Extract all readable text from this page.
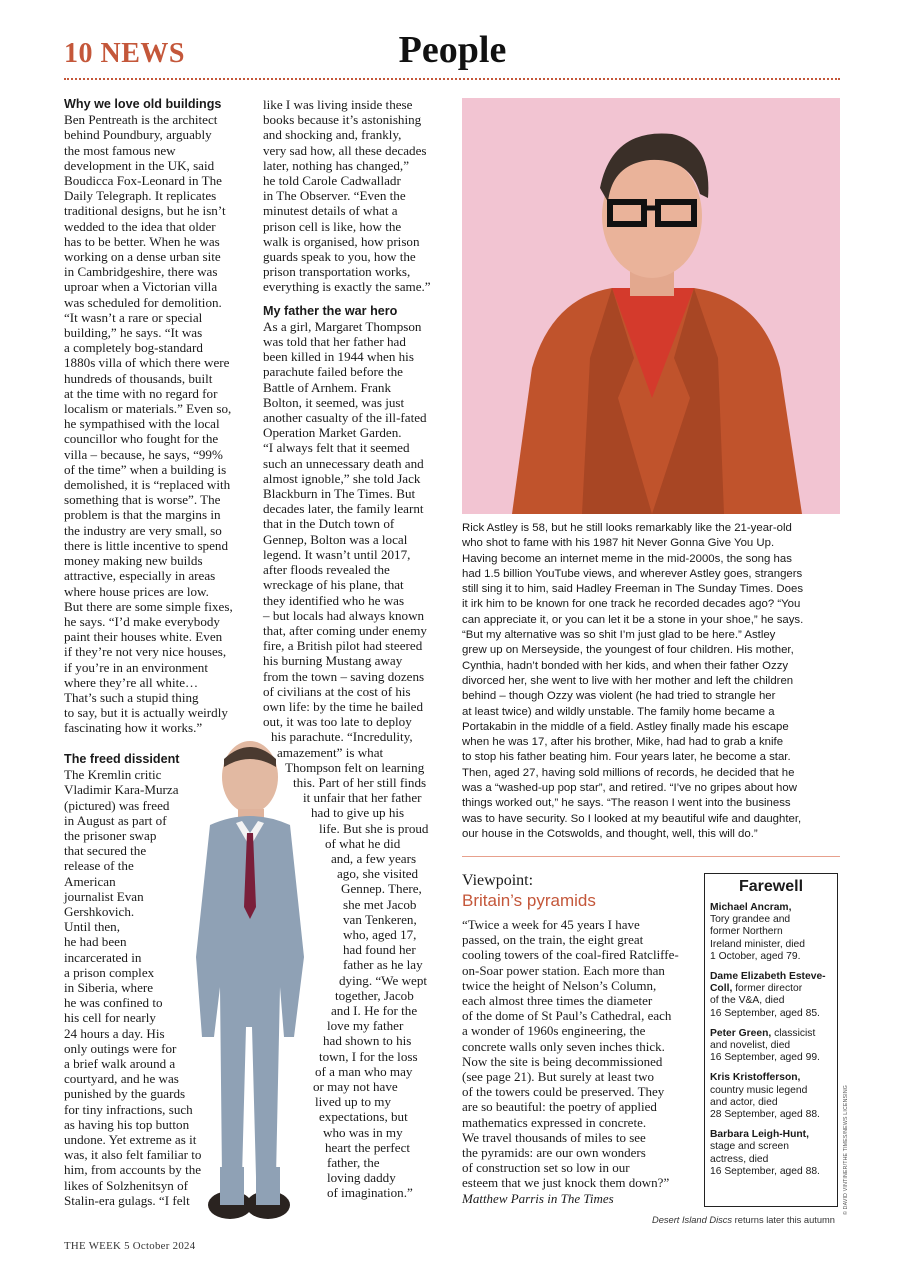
10 NEWS	People
Why we love old buildings
Ben Pentreath is the architect
behind Poundbury, arguably
the most famous new
development in the UK, said
Boudicca Fox-Leonard in The
Daily Telegraph. It replicates
traditional designs, but he isn’t
wedded to the idea that older
has to be better. When he was
working on a dense urban site
in Cambridgeshire, there was
uproar when a Victorian villa
was scheduled for demolition.
“It wasn’t a rare or special
building,” he says. “It was
a completely bog-standard
1880s villa of which there were
hundreds of thousands, built
at the time with no regard for
localism or materials.” Even so,
he sympathised with the local
councillor who fought for the
villa – because, he says, “99%
of the time” when a building is
demolished, it is “replaced with
something that is worse”. The
problem is that the margins in
the industry are very small, so
there is little incentive to spend
money making new builds
attractive, especially in areas
where house prices are low.
But there are some simple fixes,
he says. “I’d make everybody
paint their houses white. Even
if they’re not very nice houses,
if you’re in an environment
where they’re all white…
That’s such a stupid thing
to say, but it is actually weirdly
fascinating how it works.”
The freed dissident
The Kremlin critic
Vladimir Kara-Murza
(pictured) was freed
in August as part of
the prisoner swap
that secured the
release of the
American
journalist Evan
Gershkovich.
Until then,
he had been
incarcerated in
a prison complex
in Siberia, where
he was confined to
his cell for nearly
24 hours a day. His
only outings were for
a brief walk around a
courtyard, and he was
punished by the guards
for tiny infractions, such
as having his top button
undone. Yet extreme as it
was, it also felt familiar to
him, from accounts by the
likes of Solzhenitsyn of
Stalin-era gulags. “I felt
like I was living inside these
books because it’s astonishing
and shocking and, frankly,
very sad how, all these decades
later, nothing has changed,”
he told Carole Cadwalladr
in The Observer. “Even the
minutest details of what a
prison cell is like, how the
walk is organised, how prison
guards speak to you, how the
prison transportation works,
everything is exactly the same.”
My father the war hero
As a girl, Margaret Thompson
was told that her father had
been killed in 1944 when his
parachute failed before the
Battle of Arnhem. Frank
Bolton, it seemed, was just
another casualty of the ill-fated
Operation Market Garden.
“I always felt that it seemed
such an unnecessary death and
almost ignoble,” she told Jack
Blackburn in The Times. But
decades later, the family learnt
that in the Dutch town of
Gennep, Bolton was a local
legend. It wasn’t until 2017,
after floods revealed the
wreckage of his plane, that
they identified who he was
– but locals had always known
that, after coming under enemy
fire, a British pilot had steered
his burning Mustang away
from the town – saving dozens
of civilians at the cost of his
own life: by the time he bailed
out, it was too late to deploy
his parachute. “Incredulity,
amazement” is what
Thompson felt on learning
this. Part of her still finds
it unfair that her father
had to give up his
life. But she is proud
of what he did
and, a few years
ago, she visited
Gennep. There,
she met Jacob
van Tenkeren,
who, aged 17,
had found her
father as he lay
dying. “We wept
together, Jacob
and I. He for the
love my father
had shown to his
town, I for the loss
of a man who may
or may not have
lived up to my
expectations, but
who was in my
heart the perfect
father, the
loving daddy
of imagination.”
Rick Astley is 58, but he still looks remarkably like the 21-year-old
who shot to fame with his 1987 hit Never Gonna Give You Up.
Having become an internet meme in the mid-2000s, the song has
had 1.5 billion YouTube views, and wherever Astley goes, strangers
still sing it to him, said Hadley Freeman in The Sunday Times. Does
it irk him to be known for one track he recorded decades ago? “You
can appreciate it, or you can let it be a stone in your shoe,” he says.
“But my alternative was so shit I’m just glad to be here.” Astley
grew up on Merseyside, the youngest of four children. His mother,
Cynthia, hadn’t bonded with her kids, and when their father Ozzy
divorced her, she went to live with her mother and left the children
behind – though Ozzy was violent (he had tried to strangle her
at least twice) and wildly unstable. The family home became a
Portakabin in the middle of a field. Astley finally made his escape
when he was 17, after his brother, Mike, had had to grab a knife
to stop his father beating him. Four years later, he become a star.
Then, aged 27, having sold millions of records, he decided that he
was a “washed-up pop star”, and retired. “I’ve no gripes about how
things worked out,” he says. “The reason I went into the business
was to have security. So I looked at my beautiful wife and daughter,
our house in the Cotswolds, and thought, well, this will do.”
Viewpoint:
Britain’s pyramids
“Twice a week for 45 years I have
passed, on the train, the eight great
cooling towers of the coal-fired Ratcliffe-
on-Soar power station. Each more than
twice the height of Nelson’s Column,
each almost three times the diameter
of the dome of St Paul’s Cathedral, each
a wonder of 1960s engineering, the
concrete walls only seven inches thick.
Now the site is being decommissioned
(see page 21). But surely at least two
of the towers could be preserved. They
are so beautiful: the poetry of applied
mathematics expressed in concrete.
We travel thousands of miles to see
the pyramids: are our own wonders
of construction set so low in our
esteem that we just knock them down?”
Matthew Parris in The Times
Farewell
Michael Ancram,
Tory grandee and
former Northern
Ireland minister, died
1 October, aged 79.
Dame Elizabeth Esteve-Coll, former director
of the V&A, died
16 September, aged 85.
Peter Green, classicist
and novelist, died
16 September, aged 99.
Kris Kristofferson,
country music legend
and actor, died
28 September, aged 88.
Barbara Leigh-Hunt,
stage and screen
actress, died
16 September, aged 88.	© DAVID VINTINER/THE TIMES/NEWS LICENSING
Desert Island Discs returns later this autumn
THE WEEK 5 October 2024
